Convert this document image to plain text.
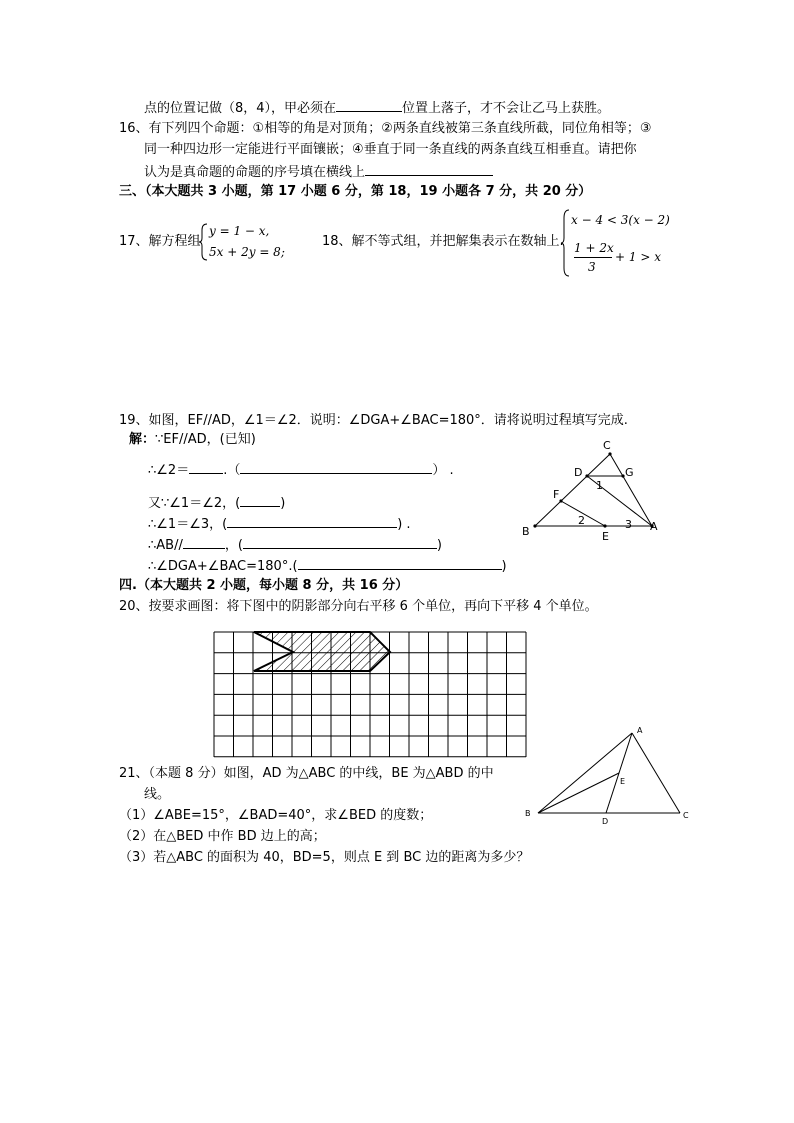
点的位置记做（8，4），甲必须在	位置上落子，才不会让乙马上获胜。
16、有下列四个命题：①相等的角是对顶角；②两条直线被第三条直线所截，同位角相等；③
同一种四边形一定能进行平面镶嵌；④垂直于同一条直线的两条直线互相垂直。请把你
认为是真命题的命题的序号填在横线上
三、（本大题共 3 小题，第 17 小题 6 分，第 18，19 小题各 7 分，共 20 分）
17、解方程组
y = 1 − x,
5x + 2y = 8;
18、解不等式组，并把解集表示在数轴上.
x − 4 < 3(x − 2)
1 + 2x
3
+ 1 > x
19、如图，EF//AD，∠1＝∠2．说明：∠DGA+∠BAC=180°．请将说明过程填写完成.
解：∵EF//AD，(已知)
∴∠2＝	.（	） .
又∵∠1＝∠2，(	)
∴∠1＝∠3，(	) .
∴AB//	，(	)
∴∠DGA+∠BAC=180°.(	)
C
D	G
F
B	E
A
1
2	3
四.（本大题共 2 小题，每小题 8 分，共 16 分）
20、按要求画图：将下图中的阴影部分向右平移 6 个单位，再向下平移 4 个单位。
21、（本题 8 分）如图，AD 为△ABC 的中线，BE 为△ABD 的中
线。
（1）∠ABE=15°，∠BAD=40°，求∠BED 的度数；
（2）在△BED 中作 BD 边上的高；
（3）若△ABC 的面积为 40，BD=5，则点 E 到 BC 边的距离为多少？
A
B	C
D
E
